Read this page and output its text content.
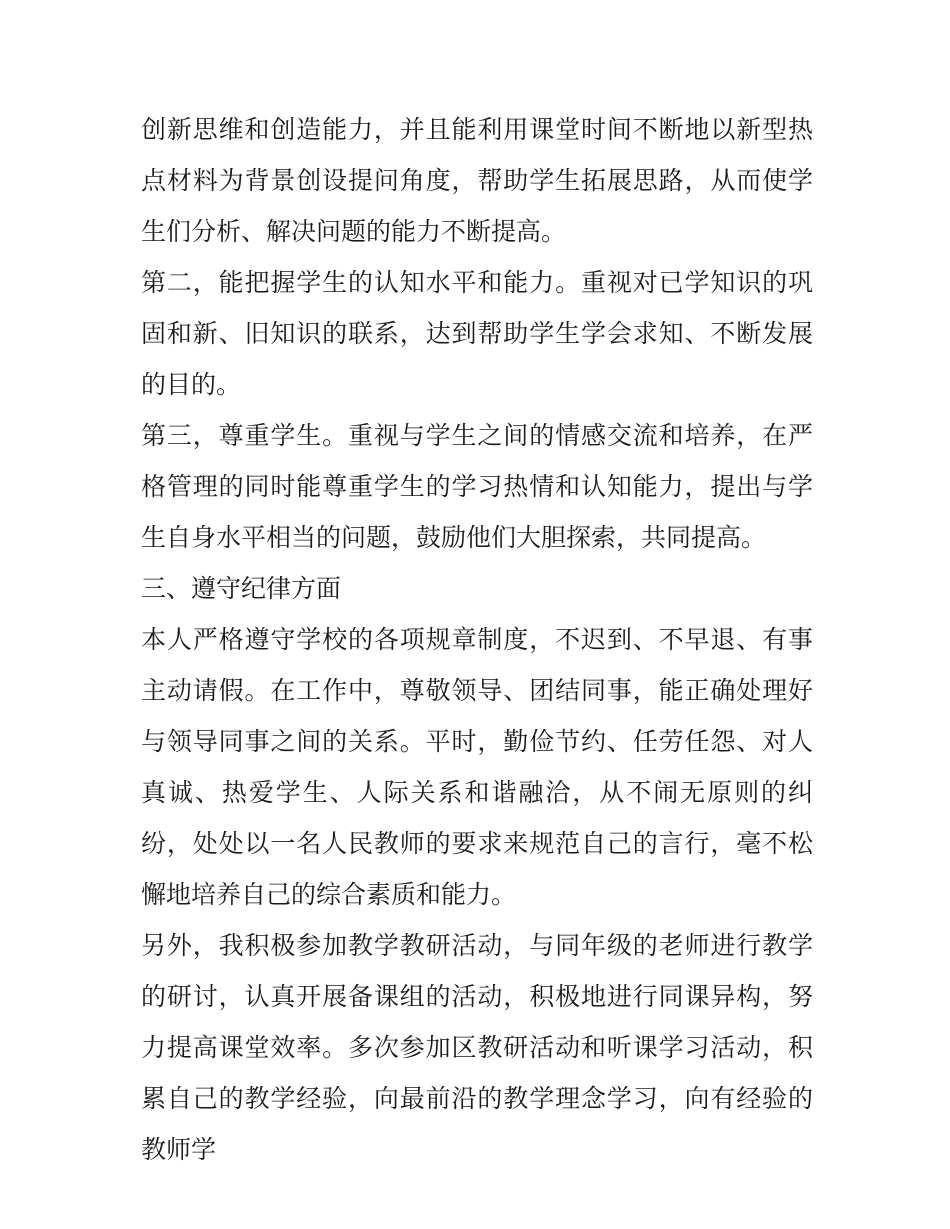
创新思维和创造能力，并且能利用课堂时间不断地以新型热点材料为背景创设提问角度，帮助学生拓展思路，从而使学生们分析、解决问题的能力不断提高。

第二，能把握学生的认知水平和能力。重视对已学知识的巩固和新、旧知识的联系，达到帮助学生学会求知、不断发展的目的。

第三，尊重学生。重视与学生之间的情感交流和培养，在严格管理的同时能尊重学生的学习热情和认知能力，提出与学生自身水平相当的问题，鼓励他们大胆探索，共同提高。

三、遵守纪律方面

本人严格遵守学校的各项规章制度，不迟到、不早退、有事主动请假。在工作中，尊敬领导、团结同事，能正确处理好与领导同事之间的关系。平时，勤俭节约、任劳任怨、对人真诚、热爱学生、人际关系和谐融洽，从不闹无原则的纠纷，处处以一名人民教师的要求来规范自己的言行，毫不松懈地培养自己的综合素质和能力。

另外，我积极参加教学教研活动，与同年级的老师进行教学的研讨，认真开展备课组的活动，积极地进行同课异构，努力提高课堂效率。多次参加区教研活动和听课学习活动，积累自己的教学经验，向最前沿的教学理念学习，向有经验的教师学
